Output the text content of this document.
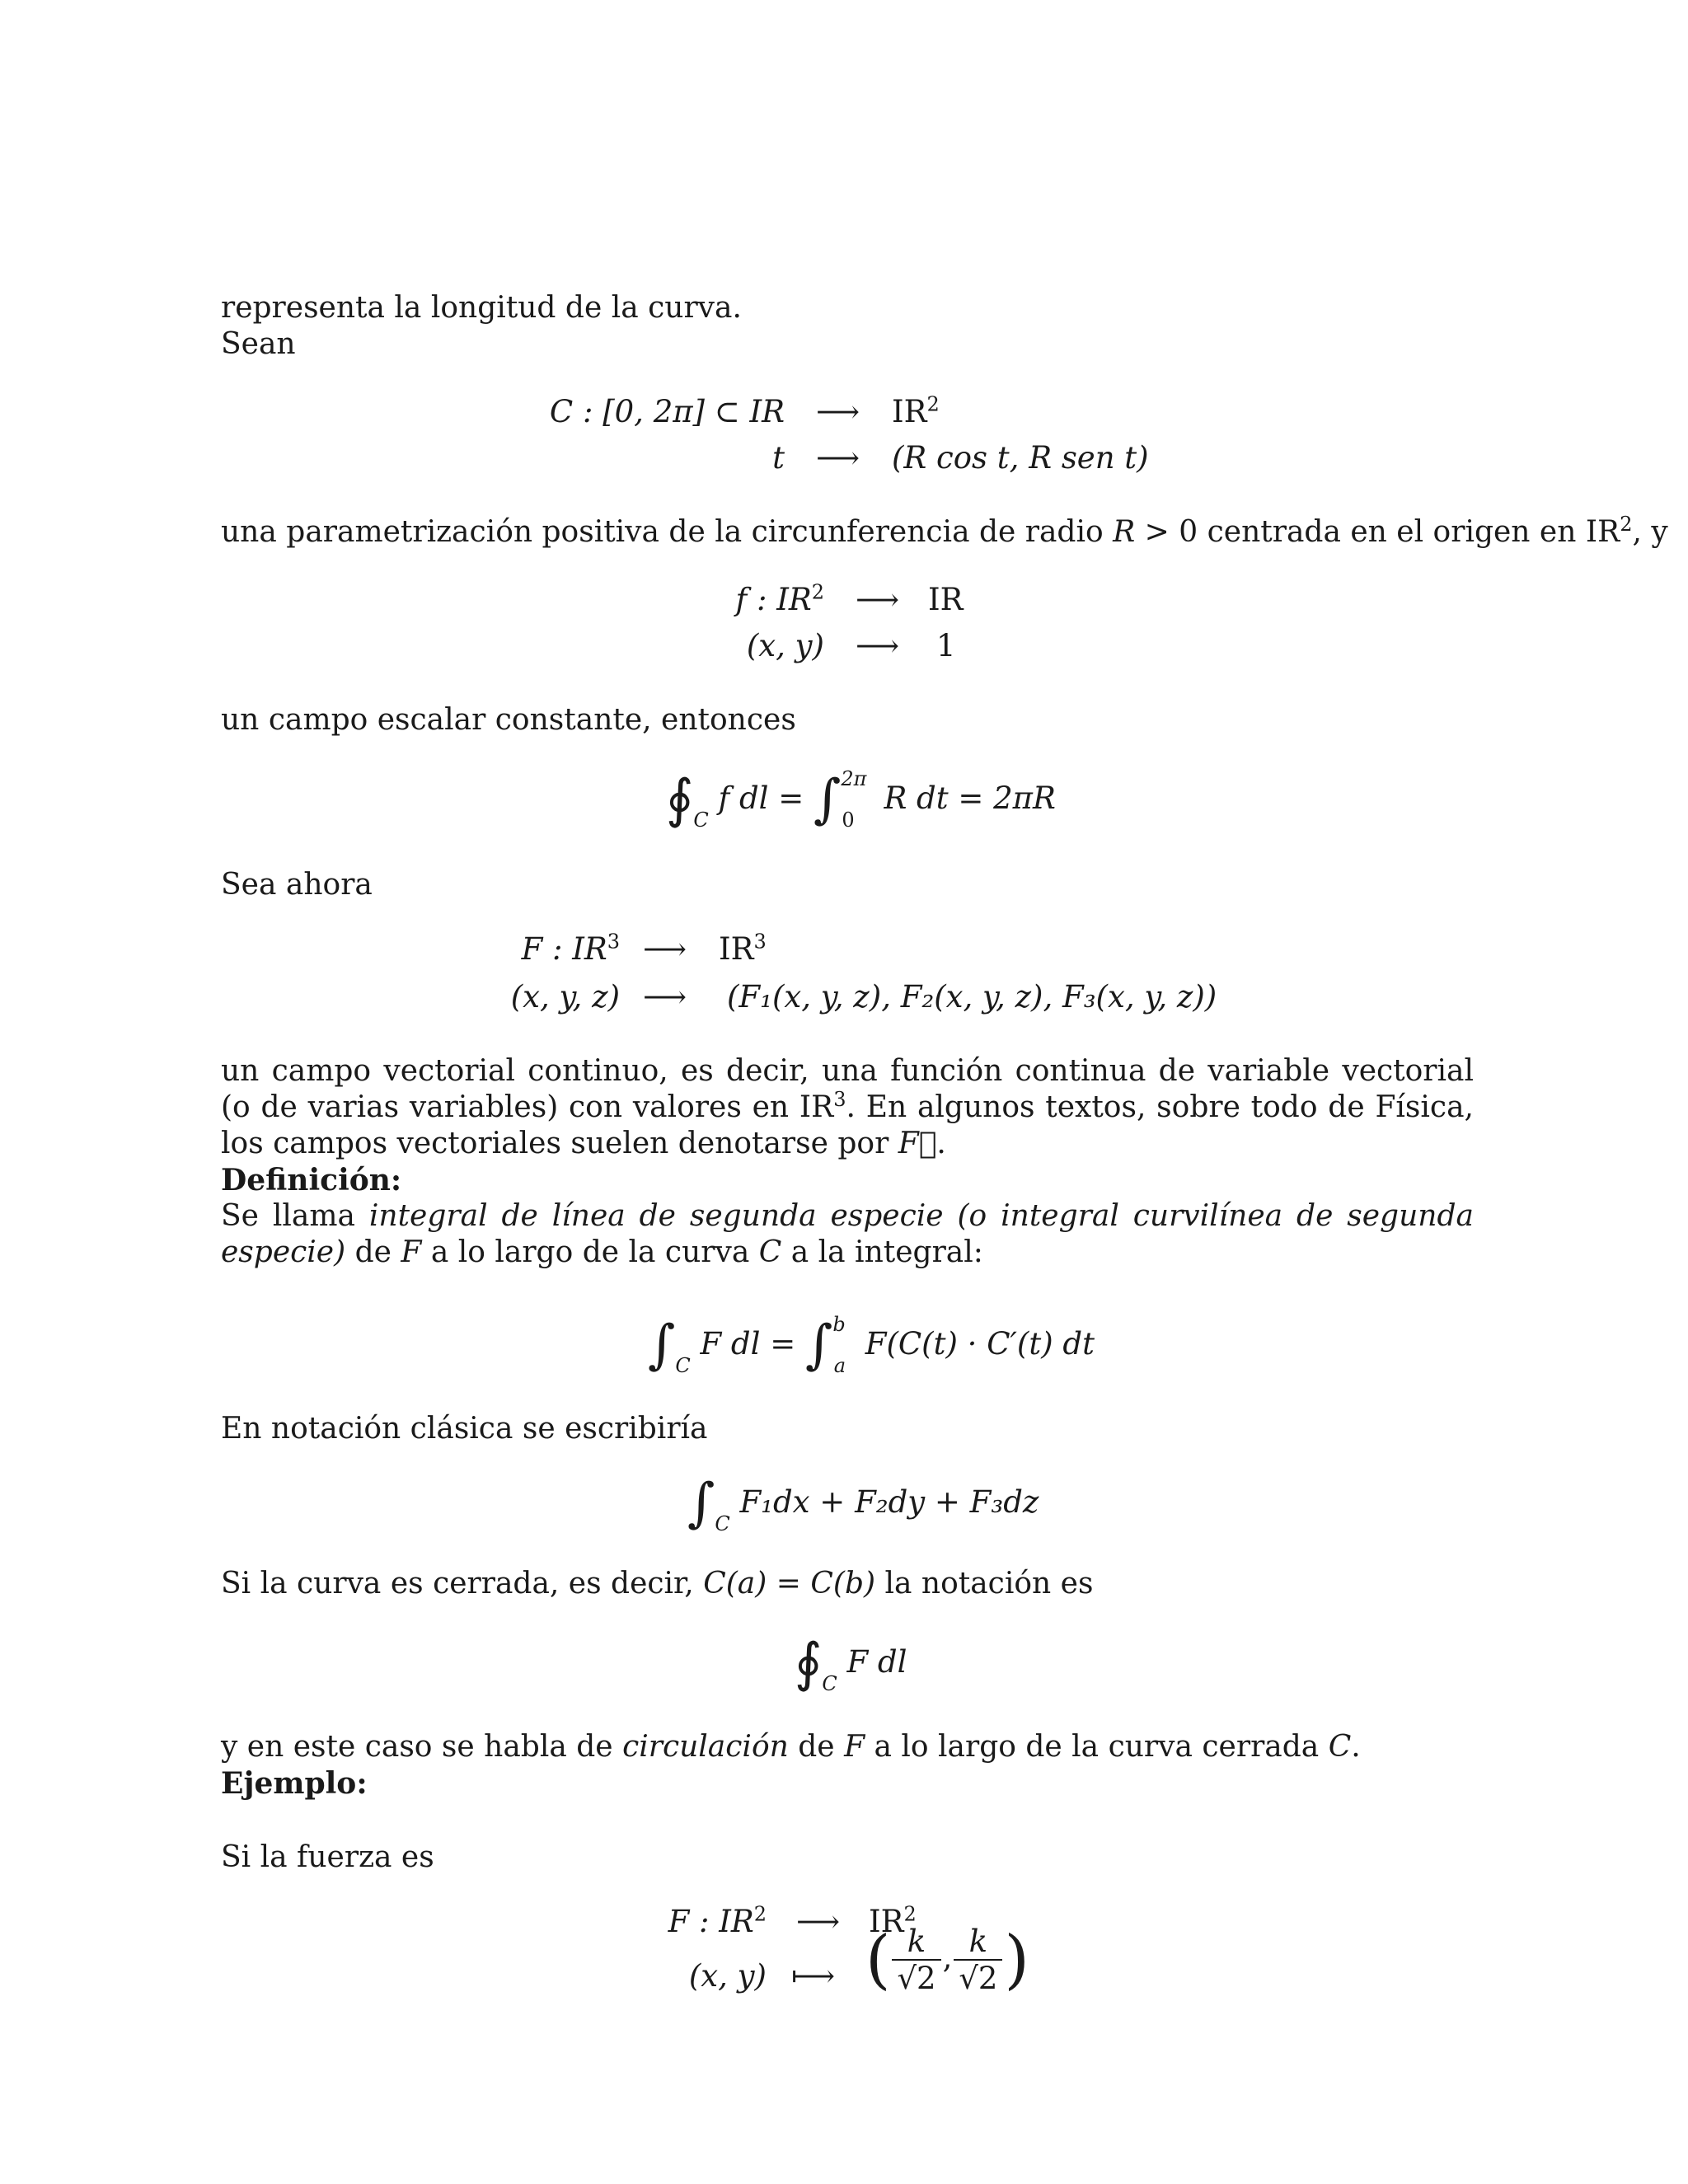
representa la longitud de la curva.
Sean
C : [0, 2π] ⊂ IR ⟶ $IR^2$
t ⟶ (R cos t, R sen t)
una parametrización positiva de la circunferencia de radio R > 0 centrada en el origen en $IR^2$, y
f : $IR^2$ ⟶ IR
(x, y) ⟶ 1
un campo escalar constante, entonces
$∮_C$ f dl = ∫$^{2\pi}_0$ R dt = 2πR
Sea ahora
F : $IR^3$ ⟶ $IR^3$
(x, y, z) ⟶ (F₁(x, y, z), F₂(x, y, z), F₃(x, y, z))
un campo vectorial continuo, es decir, una función continua de variable vectorial (o de varias variables) con valores en $IR^3$. En algunos textos, sobre todo de Física, los campos vectoriales suelen denotarse por F⃗.
Definición:
Se llama integral de línea de segunda especie (o integral curvilínea de segunda especie) de F a lo largo de la curva C a la integral:
$\int_C$ F dl = ∫$^b_a$ F(C(t) · C′(t) dt
En notación clásica se escribiría
$\int_C$ F₁dx + F₂dy + F₃dz
Si la curva es cerrada, es decir, C(a) = C(b) la notación es
$∮_C$ F dl
y en este caso se habla de circulación de F a lo largo de la curva cerrada C.
Ejemplo:
Si la fuerza es
F : $IR^2$ ⟶ $IR^2$
(x, y) ⟼ ( $\frac{k}{√2}$ , $\frac{k}{√2}$ )
